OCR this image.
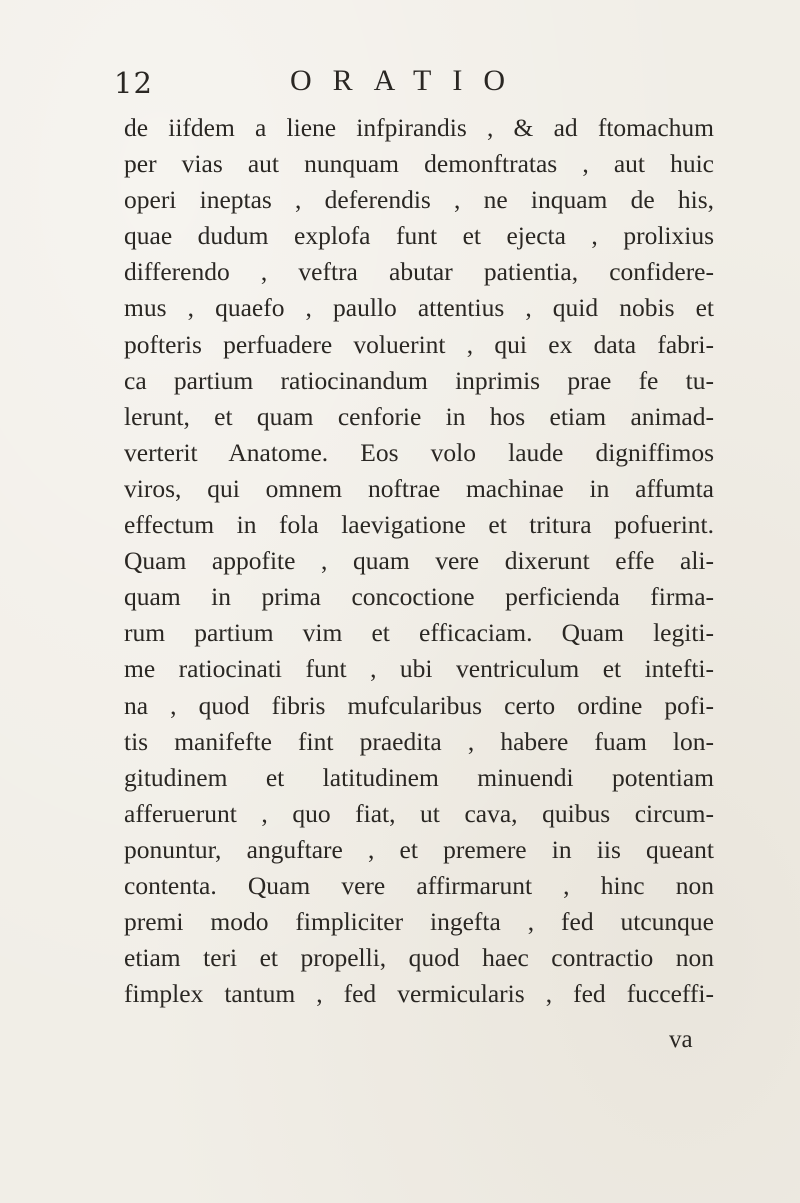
12	ORATIO
de iifdem a liene infpirandis , & ad ftomachum
per vias aut nunquam demonftratas , aut huic
operi ineptas , deferendis , ne inquam de his,
quae dudum explofa funt et ejecta , prolixius
differendo , veftra abutar patientia, confidere-
mus , quaefo , paullo attentius , quid nobis et
pofteris perfuadere voluerint , qui ex data fabri-
ca partium ratiocinandum inprimis prae fe tu-
lerunt, et quam cenforie in hos etiam animad-
verterit Anatome. Eos volo laude digniffimos
viros, qui omnem noftrae machinae in affumta
effectum in fola laevigatione et tritura pofuerint.
Quam appofite , quam vere dixerunt effe ali-
quam in prima concoctione perficienda firma-
rum partium vim et efficaciam. Quam legiti-
me ratiocinati funt , ubi ventriculum et intefti-
na , quod fibris mufcularibus certo ordine pofi-
tis manifefte fint praedita , habere fuam lon-
gitudinem et latitudinem minuendi potentiam
afferuerunt , quo fiat, ut cava, quibus circum-
ponuntur, anguftare , et premere in iis queant
contenta. Quam vere affirmarunt , hinc non
premi modo fimpliciter ingefta , fed utcunque
etiam teri et propelli, quod haec contractio non
fimplex tantum , fed vermicularis , fed fucceffi-
va
